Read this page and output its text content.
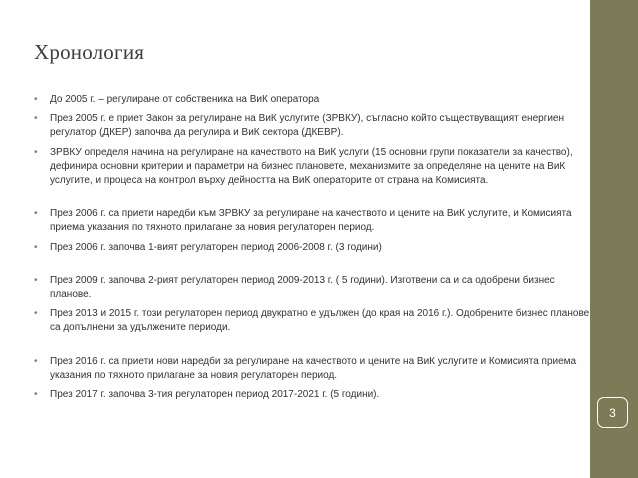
Хронология
• До 2005 г. – регулиране от собственика на ВиК оператора
• През 2005 г. е приет Закон за регулиране на ВиК услугите (ЗРВКУ), съгласно който съществуващият енергиен регулатор (ДКЕР) започва да регулира и ВиК сектора (ДКЕВР).
• ЗРВКУ определя начина на регулиране на качеството на ВиК услуги (15 основни групи показатели за качество), дефинира основни критерии и параметри на бизнес плановете, механизмите за определяне на цените на ВиК услугите, и процеса на контрол върху дейността на ВиК операторите от страна на Комисията.
• През 2006 г. са приети наредби към ЗРВКУ за регулиране на качеството и цените на ВиК услугите, и Комисията приема указания по тяхното прилагане за новия регулаторен период.
• През 2006 г. започва 1-вият регулаторен период 2006-2008 г. (3 години)
• През 2009 г. започва 2-рият регулаторен период 2009-2013 г. ( 5 години). Изготвени са и са одобрени бизнес планове.
• През 2013 и 2015 г. този регулаторен период двукратно е удължен (до края на 2016 г.). Одобрените бизнес планове са допълнени за удължените периоди.
• През 2016 г. са приети нови наредби за регулиране на качеството и цените на ВиК услугите и Комисията приема указания по тяхното прилагане за новия регулаторен период.
• През 2017 г. започва 3-тия регулаторен период 2017-2021 г. (5 години).
3
